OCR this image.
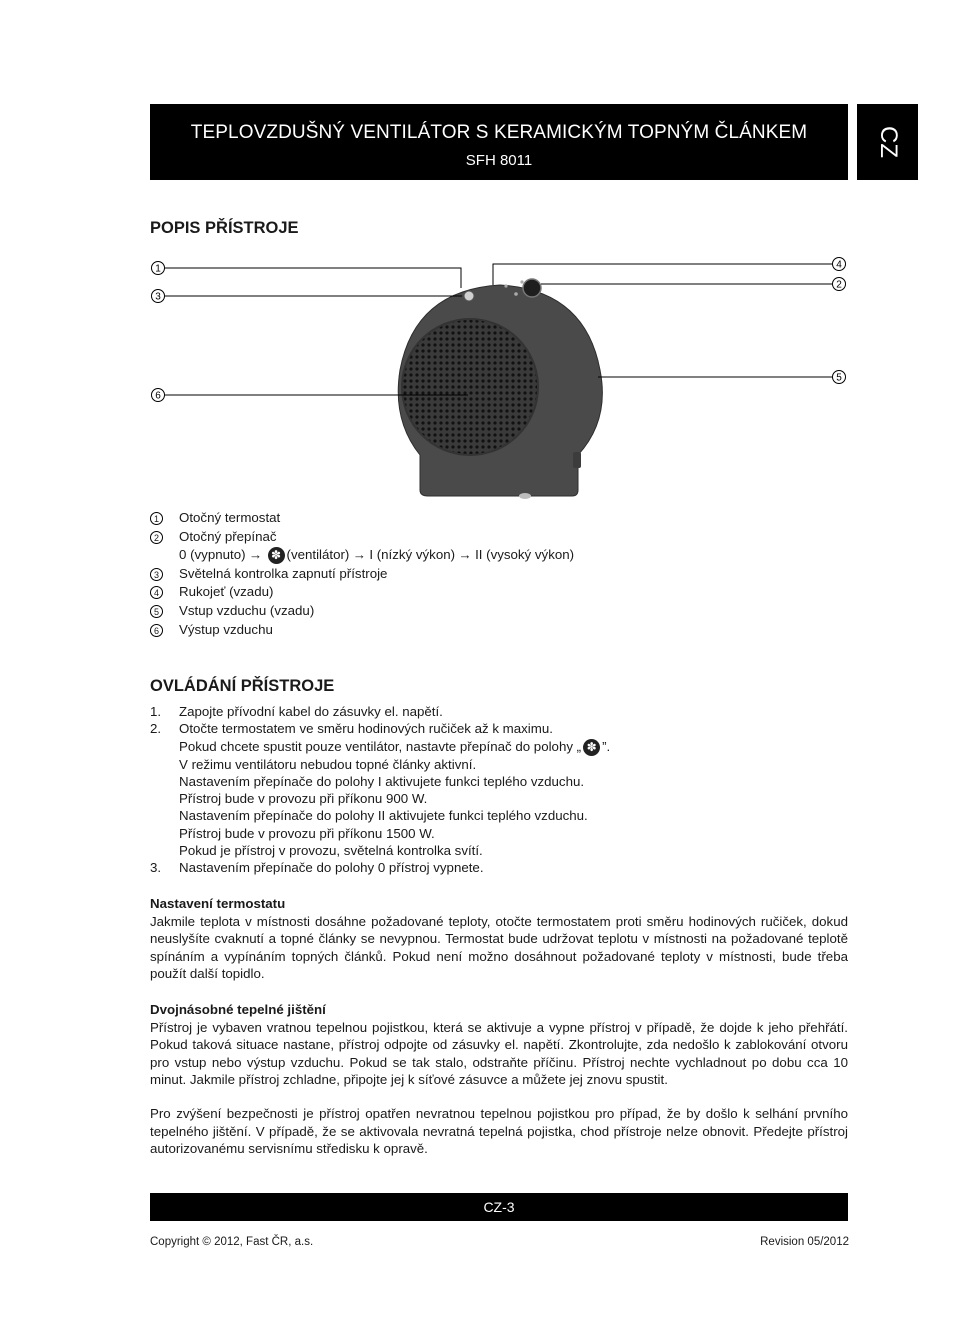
TEPLOVZDUŠNÝ VENTILÁTOR S KERAMICKÝM TOPNÝM ČLÁNKEM
SFH 8011
CZ
POPIS PŘÍSTROJE
1
3
6
4
2
5
1	Otočný termostat
2	Otočný přepínač
0 (vypnuto) → ✽ (ventilátor) → I (nízký výkon) → II (vysoký výkon)
3	Světelná kontrolka zapnutí přístroje
4	Rukojeť (vzadu)
5	Vstup vzduchu (vzadu)
6	Výstup vzduchu
OVLÁDÁNÍ PŘÍSTROJE
1.	Zapojte přívodní kabel do zásuvky el. napětí.
2.	Otočte termostatem ve směru hodinových ručiček až k maximu.
Pokud chcete spustit pouze ventilátor, nastavte přepínač do polohy „ ✽ ”.
V režimu ventilátoru nebudou topné články aktivní.
Nastavením přepínače do polohy I aktivujete funkci teplého vzduchu.
Přístroj bude v provozu při příkonu 900 W.
Nastavením přepínače do polohy II aktivujete funkci teplého vzduchu.
Přístroj bude v provozu při příkonu 1500 W.
Pokud je přístroj v provozu, světelná kontrolka svítí.
3.	Nastavením přepínače do polohy 0 přístroj vypnete.

Nastavení termostatu
Jakmile teplota v místnosti dosáhne požadované teploty, otočte termostatem proti směru hodinových ručiček, dokud neuslyšíte cvaknutí a topné články se nevypnou. Termostat bude udržovat teplotu v místnosti na požadované teplotě spínáním a vypínáním topných článků. Pokud není možno dosáhnout požadované teploty v místnosti, bude třeba použít další topidlo.

Dvojnásobné tepelné jištění
Přístroj je vybaven vratnou tepelnou pojistkou, která se aktivuje a vypne přístroj v případě, že dojde k jeho přehřátí. Pokud taková situace nastane, přístroj odpojte od zásuvky el. napětí. Zkontrolujte, zda nedošlo k zablokování otvoru pro vstup nebo výstup vzduchu. Pokud se tak stalo, odstraňte příčinu. Přístroj nechte vychladnout po dobu cca 10 minut. Jakmile přístroj zchladne, připojte jej k síťové zásuvce a můžete jej znovu spustit.

Pro zvýšení bezpečnosti je přístroj opatřen nevratnou tepelnou pojistkou pro případ, že by došlo k selhání prvního tepelného jištění. V případě, že se aktivovala nevratná tepelná pojistka, chod přístroje nelze obnovit. Předejte přístroj autorizovanému servisnímu středisku k opravě.

CZ-3
Copyright © 2012, Fast ČR, a.s.	Revision 05/2012
